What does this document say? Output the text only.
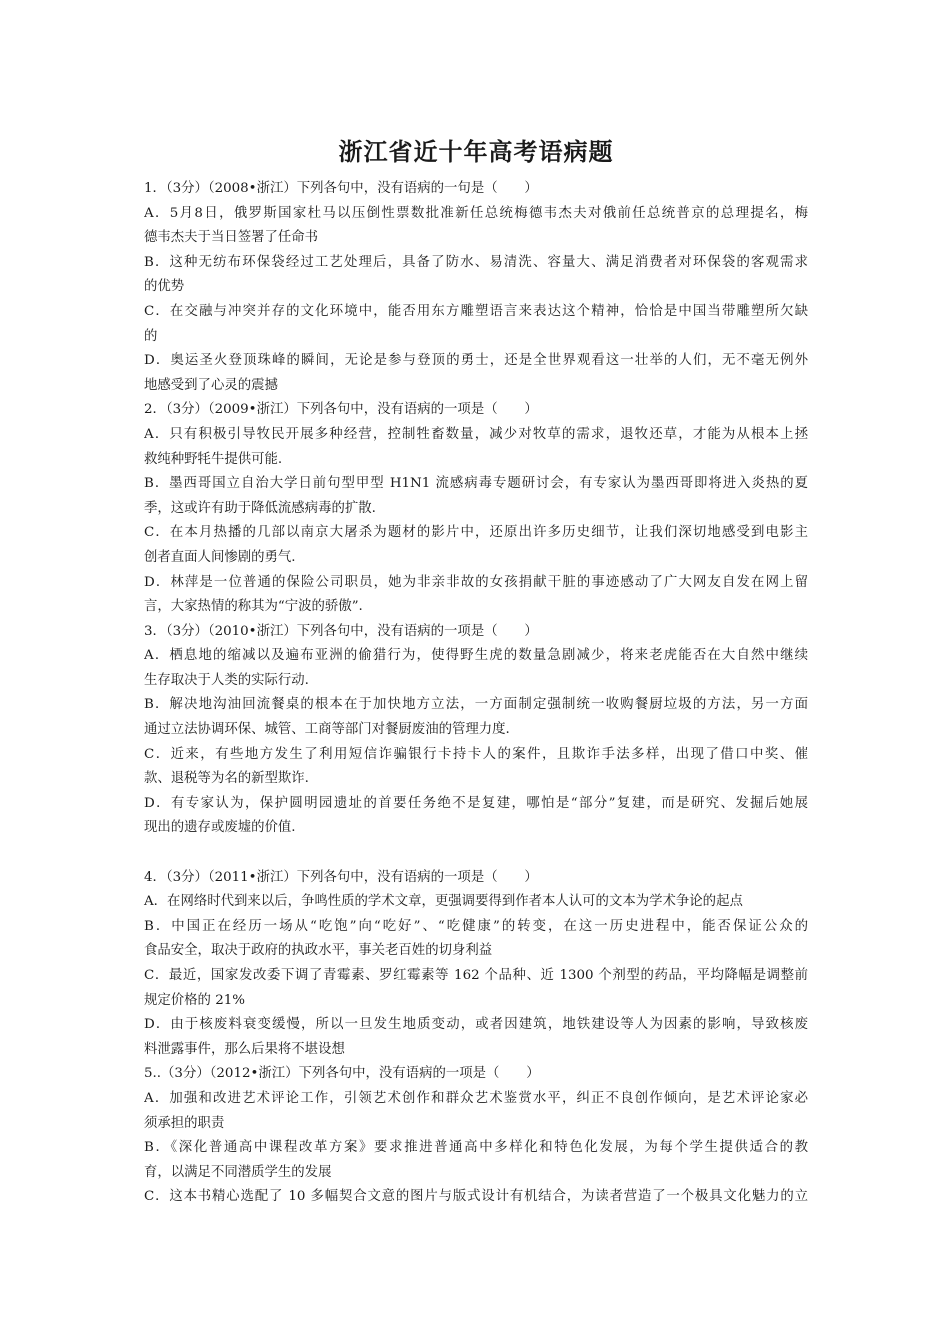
浙江省近十年高考语病题
1．（3分）（2008•浙江）下列各句中，没有语病的一句是（　　）
A．5月8日，俄罗斯国家杜马以压倒性票数批准新任总统梅德韦杰夫对俄前任总统普京的总理提名，梅
德韦杰夫于当日签署了任命书
B．这种无纺布环保袋经过工艺处理后，具备了防水、易清洗、容量大、满足消费者对环保袋的客观需求
的优势
C．在交融与冲突并存的文化环境中，能否用东方雕塑语言来表达这个精神，恰恰是中国当带雕塑所欠缺
的
D．奥运圣火登顶珠峰的瞬间，无论是参与登顶的勇士，还是全世界观看这一壮举的人们，无不毫无例外
地感受到了心灵的震撼
2．（3分）（2009•浙江）下列各句中，没有语病的一项是（　　）
A．只有积极引导牧民开展多种经营，控制牲畜数量，减少对牧草的需求，退牧还草，才能为从根本上拯
救纯种野牦牛提供可能.
B．墨西哥国立自治大学日前句型甲型 H1N1 流感病毒专题研讨会，有专家认为墨西哥即将进入炎热的夏
季，这或许有助于降低流感病毒的扩散.
C．在本月热播的几部以南京大屠杀为题材的影片中，还原出许多历史细节，让我们深切地感受到电影主
创者直面人间惨剧的勇气.
D．林萍是一位普通的保险公司职员，她为非亲非故的女孩捐献干脏的事迹感动了广大网友自发在网上留
言，大家热情的称其为“宁波的骄傲”.
3．（3分）（2010•浙江）下列各句中，没有语病的一项是（　　）
A．栖息地的缩减以及遍布亚洲的偷猎行为，使得野生虎的数量急剧减少，将来老虎能否在大自然中继续
生存取决于人类的实际行动.
B．解决地沟油回流餐桌的根本在于加快地方立法，一方面制定强制统一收购餐厨垃圾的方法，另一方面
通过立法协调环保、城管、工商等部门对餐厨废油的管理力度.
C．近来，有些地方发生了利用短信诈骗银行卡持卡人的案件，且欺诈手法多样，出现了借口中奖、催
款、退税等为名的新型欺诈.
D．有专家认为，保护圆明园遗址的首要任务绝不是复建，哪怕是“部分”复建，而是研究、发掘后她展
现出的遗存或废墟的价值.
4．（3分）（2011•浙江）下列各句中，没有语病的一项是（　　）
A．在网络时代到来以后，争鸣性质的学术文章，更强调要得到作者本人认可的文本为学术争论的起点
B．中国正在经历一场从“吃饱”向“吃好”、“吃健康”的转变，在这一历史进程中，能否保证公众的
食品安全，取决于政府的执政水平，事关老百姓的切身利益
C．最近，国家发改委下调了青霉素、罗红霉素等 162 个品种、近 1300 个剂型的药品，平均降幅是调整前
规定价格的 21%
D．由于核废料衰变缓慢，所以一旦发生地质变动，或者因建筑，地铁建设等人为因素的影响，导致核废
料泄露事件，那么后果将不堪设想
5..（3分）（2012•浙江）下列各句中，没有语病的一项是（　　）
A．加强和改进艺术评论工作，引领艺术创作和群众艺术鉴赏水平，纠正不良创作倾向，是艺术评论家必
须承担的职责
B．《深化普通高中课程改革方案》要求推进普通高中多样化和特色化发展，为每个学生提供适合的教
育，以满足不同潜质学生的发展
C．这本书精心选配了 10 多幅契合文意的图片与版式设计有机结合，为读者营造了一个极具文化魅力的立
